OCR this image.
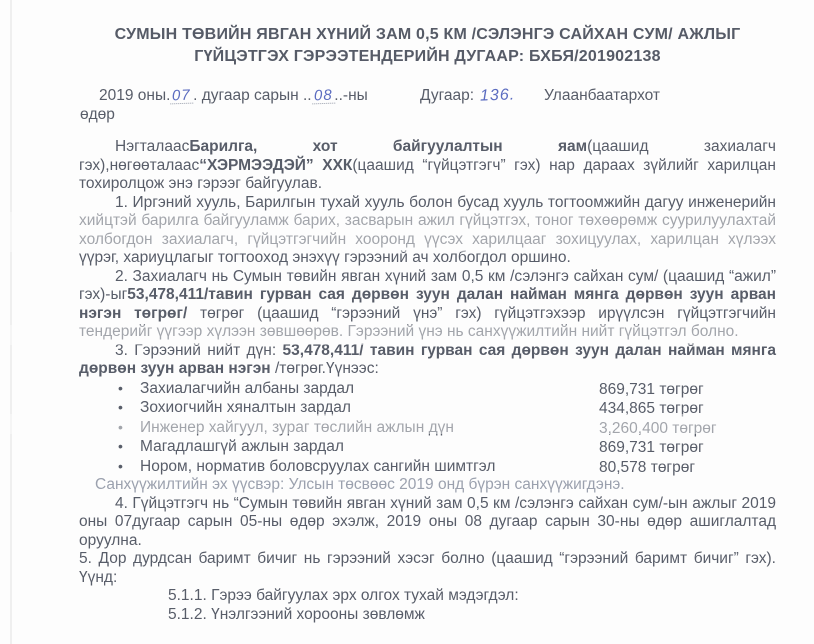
СУМЫН ТӨВИЙН ЯВГАН ХҮНИЙ ЗАМ 0,5 КМ /СЭЛЭНГЭ САЙХАН СУМ/ АЖЛЫГ
ГҮЙЦЭТГЭХ ГЭРЭЭТЕНДЕРИЙН ДУГААР: БХБЯ/201902138
2019 оны. 07 . дугаар сарын .. 08 ..-ны өдөр
Дугаар: 136. Улаанбаатархот

НэгталаасБарилга, хот байгуулалтын яам(цаашид захиалагч гэх),нөгөөталаас“ХЭРМЭЭДЭЙ” ХХК(цаашид “гүйцэтгэгч” гэх) нар дараах зүйлийг харилцан тохиролцож энэ гэрээг байгуулав.

1. Иргэний хууль, Барилгын тухай хууль болон бусад хууль тогтоомжийн дагуу инженерийн хийцтэй барилга байгууламж барих, засварын ажил гүйцэтгэх, тоног төхөөрөмж суурилуулахтай холбогдон захиалагч, гүйцэтгэгчийн хооронд үүсэх харилцааг зохицуулах, харилцан хүлээх үүрэг, хариуцлагыг тогтооход энэхүү гэрээний ач холбогдол оршино.

2. Захиалагч нь Сумын төвийн явган хүний зам 0,5 км /сэлэнгэ сайхан сум/ (цаашид “ажил” гэх)-ыг53,478,411/тавин гурван сая дөрвөн зуун далан найман мянга дөрвөн зуун арван нэгэн төгрөг/ төгрөг (цаашид “гэрээний үнэ” гэх) гүйцэтгэхээр ирүүлсэн гүйцэтгэгчийн тендерийг үүгээр хүлээн зөвшөөрөв. Гэрээний үнэ нь санхүүжилтийн нийт гүйцэтгэл болно.

3. Гэрээний нийт дүн: 53,478,411/ тавин гурван сая дөрвөн зуун далан найман мянга дөрвөн зуун арван нэгэн /төгрөг.Үүнээс:

• Захиалагчийн албаны зардал	869,731 төгрөг
• Зохиогчийн хяналтын зардал	434,865 төгрөг
• Инженер хайгуул, зураг төслийн ажлын дүн	3,260,400 төгрөг
• Магадлашгүй ажлын зардал	869,731 төгрөг
• Нором, норматив боловсруулах сангийн шимтгэл	80,578 төгрөг

Санхүүжилтийн эх үүсвэр: Улсын төсвөөс 2019 онд бүрэн санхүүжигдэнэ.

4. Гүйцэтгэгч нь “Сумын төвийн явган хүний зам 0,5 км /сэлэнгэ сайхан сум/-ын ажлыг 2019 оны 07дугаар сарын 05-ны өдөр эхэлж, 2019 оны 08 дугаар сарын 30-ны өдөр ашиглалтад оруулна.

5. Дор дурдсан баримт бичиг нь гэрээний хэсэг болно (цаашид “гэрээний баримт бичиг” гэх). Үүнд:

5.1.1. Гэрээ байгуулах эрх олгох тухай мэдэгдэл:

5.1.2. Үнэлгээний хорооны зөвлөмж
